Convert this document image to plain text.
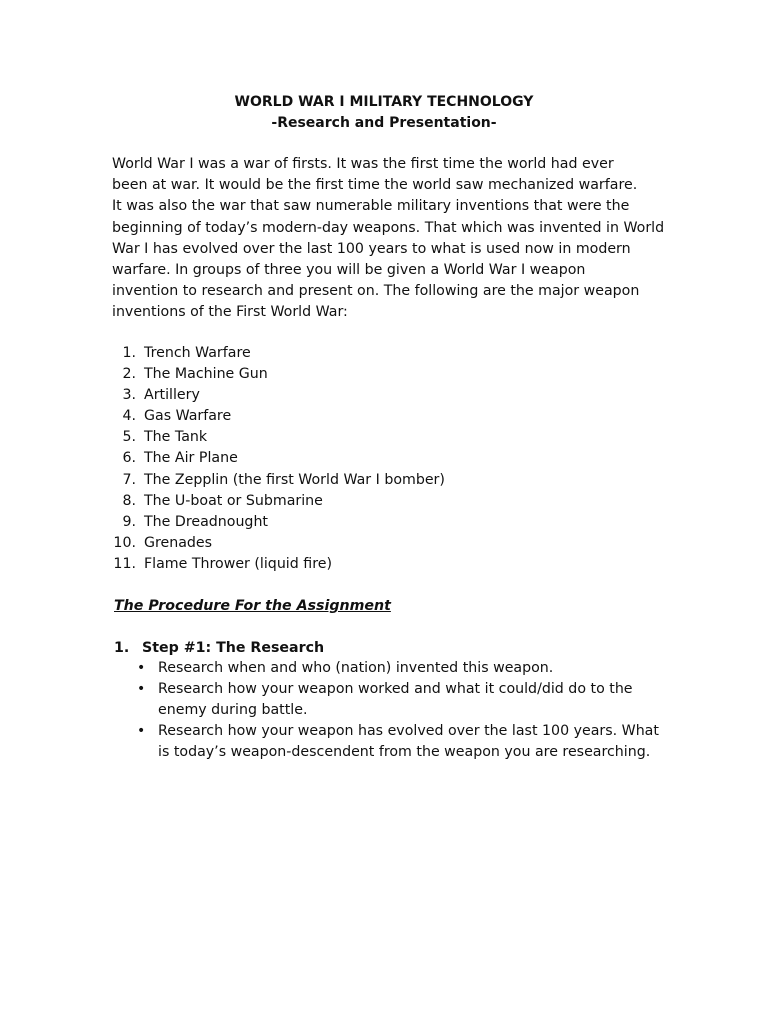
WORLD WAR I MILITARY TECHNOLOGY
-Research and Presentation-
World War I was a war of firsts. It was the first time the world had ever
been at war. It would be the first time the world saw mechanized warfare.
It was also the war that saw numerable military inventions that were the
beginning of today’s modern-day weapons. That which was invented in World
War I has evolved over the last 100 years to what is used now in modern
warfare. In groups of three you will be given a World War I weapon
invention to research and present on. The following are the major weapon
inventions of the First World War:
1. Trench Warfare
2. The Machine Gun
3. Artillery
4. Gas Warfare
5. The Tank
6. The Air Plane
7. The Zepplin (the first World War I bomber)
8. The U-boat or Submarine
9. The Dreadnought
10. Grenades
11. Flame Thrower (liquid fire)
The Procedure For the Assignment
1. Step #1: The Research
• Research when and who (nation) invented this weapon.
• Research how your weapon worked and what it could/did do to the
enemy during battle.
• Research how your weapon has evolved over the last 100 years. What
is today’s weapon-descendent from the weapon you are researching.
